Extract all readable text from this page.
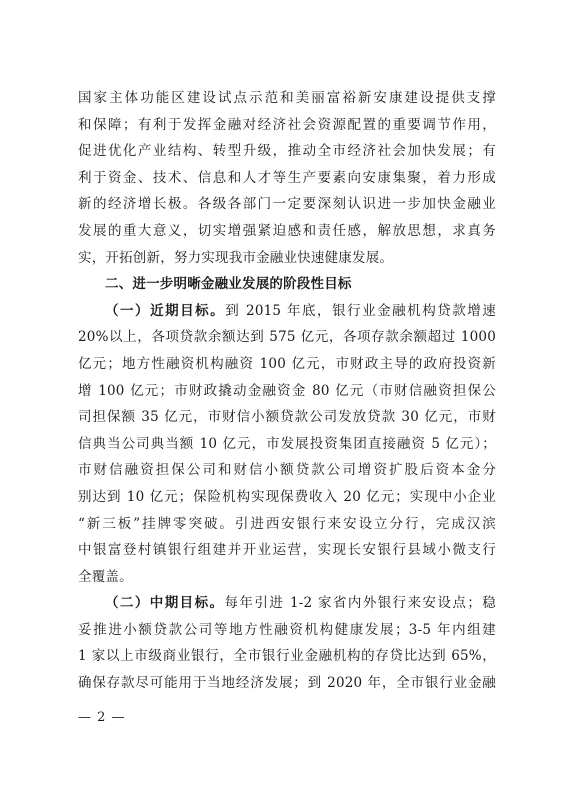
国家主体功能区建设试点示范和美丽富裕新安康建设提供支撑
和保障；有利于发挥金融对经济社会资源配置的重要调节作用，
促进优化产业结构、转型升级，推动全市经济社会加快发展；有
利于资金、技术、信息和人才等生产要素向安康集聚，着力形成
新的经济增长极。各级各部门一定要深刻认识进一步加快金融业
发展的重大意义，切实增强紧迫感和责任感，解放思想，求真务
实，开拓创新，努力实现我市金融业快速健康发展。
二、进一步明晰金融业发展的阶段性目标
（一）近期目标。到 2015 年底，银行业金融机构贷款增速
20%以上，各项贷款余额达到 575 亿元，各项存款余额超过 1000
亿元；地方性融资机构融资 100 亿元，市财政主导的政府投资新
增 100 亿元；市财政撬动金融资金 80 亿元（市财信融资担保公
司担保额 35 亿元，市财信小额贷款公司发放贷款 30 亿元，市财
信典当公司典当额 10 亿元，市发展投资集团直接融资 5 亿元）；
市财信融资担保公司和财信小额贷款公司增资扩股后资本金分
别达到 10 亿元；保险机构实现保费收入 20 亿元；实现中小企业
“新三板”挂牌零突破。引进西安银行来安设立分行，完成汉滨
中银富登村镇银行组建并开业运营，实现长安银行县域小微支行
全覆盖。
（二）中期目标。每年引进 1-2 家省内外银行来安设点；稳
妥推进小额贷款公司等地方性融资机构健康发展；3-5 年内组建
1 家以上市级商业银行，全市银行业金融机构的存贷比达到 65%，
确保存款尽可能用于当地经济发展；到 2020 年，全市银行业金融
— 2 —
